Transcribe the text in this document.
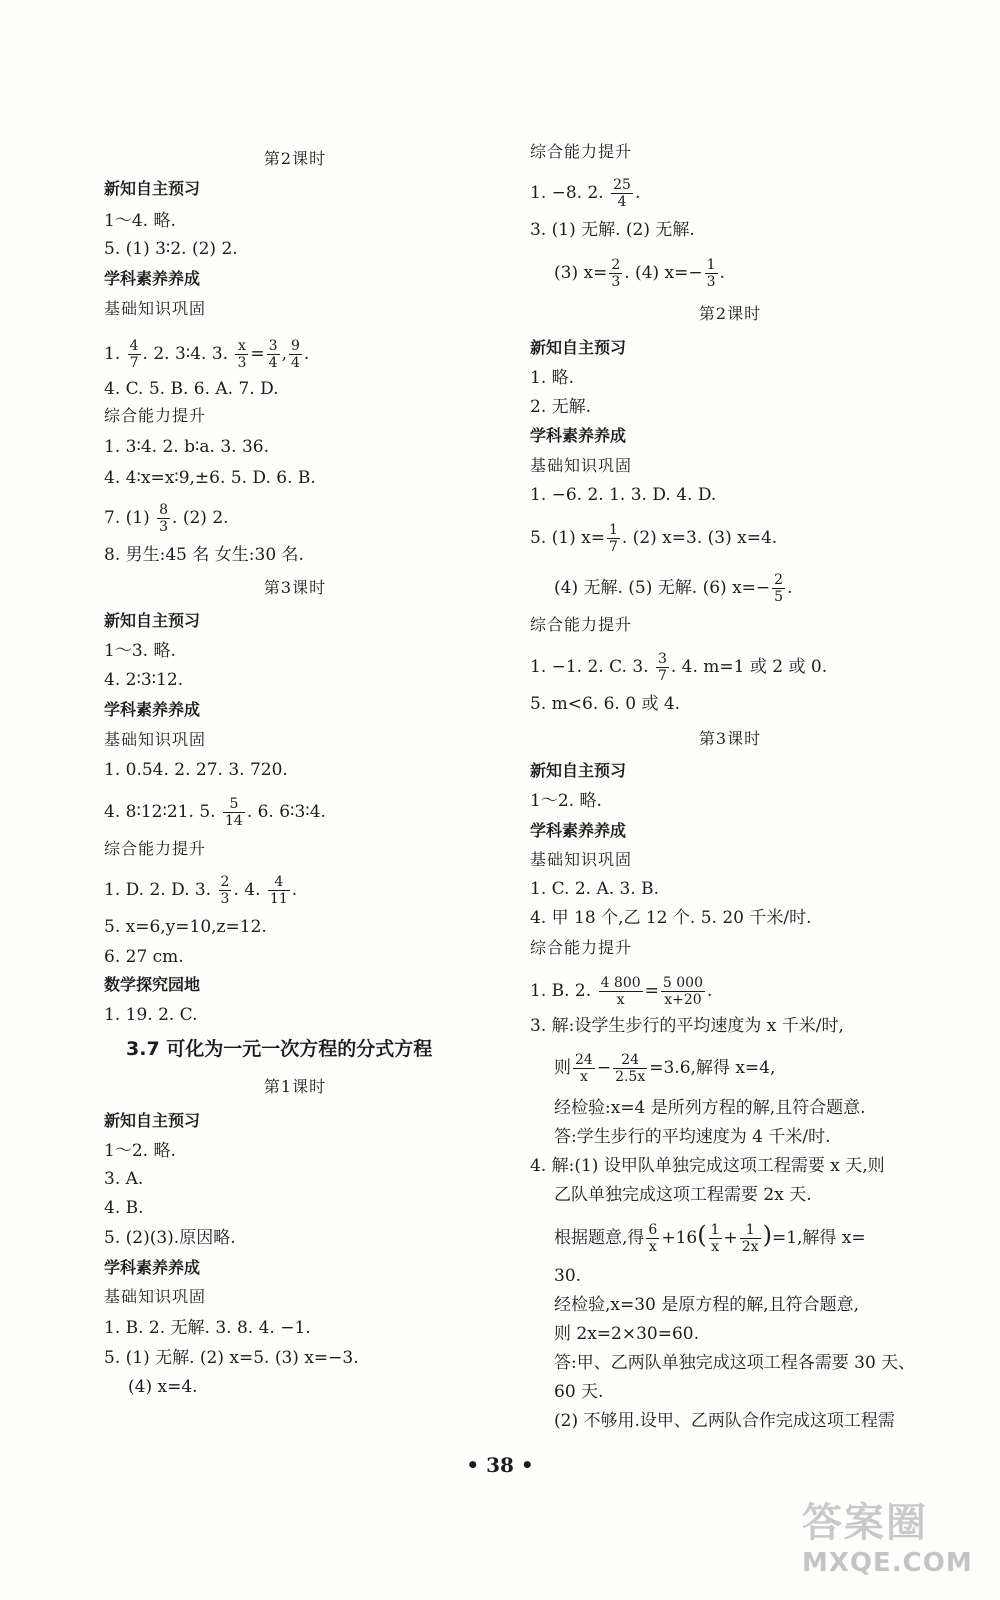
第2课时
新知自主预习
1～4. 略.
5. (1) 3∶2. (2) 2.
学科素养养成
基础知识巩固
1. $\frac{4}{7}$ . 2. 3∶4. 3. $\frac{x}{3} = \frac{3}{4}$ , $\frac{9}{4}$ .
4. C. 5. B. 6. A. 7. D.
综合能力提升
1. 3∶4. 2. b∶a. 3. 36.
4. 4∶x=x∶9,±6. 5. D. 6. B.
7. $(1) \frac{8}{3}$ . (2) 2.
8. 男生:45 名 女生:30 名.
第3课时
新知自主预习
1～3. 略.
4. 2∶3∶12.
学科素养养成
基础知识巩固
1. 0.54. 2. 27. 3. 720.
4. 8∶12∶21. 5. $\frac{5}{14}$ . 6. 6∶3∶4.
综合能力提升
1. D. 2. D. 3. $\frac{2}{3}$ . 4. $\frac{4}{11}$ .
5. x=6,y=10,z=12.
6. 27 cm.
数学探究园地
1. 19. 2. C.
3.7 可化为一元一次方程的分式方程
第1课时
新知自主预习
1～2. 略.
3. A.
4. B.
5. (2)(3).原因略.
学科素养养成
基础知识巩固
1. B. 2. 无解. 3. 8. 4. −1.
5. (1) 无解. (2) x=5. (3) x=−3.
(4) x=4.
综合能力提升
1. −8. 2. $\frac{25}{4}$ .
3. (1) 无解. (2) 无解.
(3) $x= \frac{2}{3}$ . (4) $x=- \frac{1}{3}$ .
第2课时
新知自主预习
1. 略.
2. 无解.
学科素养养成
基础知识巩固
1. −6. 2. 1. 3. D. 4. D.
5. (1) $x= \frac{1}{7}$ . (2) x=3. (3) x=4.
(4) 无解. (5) 无解. (6) $x=- \frac{2}{5}$ .
综合能力提升
1. −1. 2. C. 3. $\frac{3}{7}$ . 4. m=1 或 2 或 0.
5. m<6. 6. 0 或 4.
第3课时
新知自主预习
1～2. 略.
学科素养养成
基础知识巩固
1. C. 2. A. 3. B.
4. 甲 18 个,乙 12 个. 5. 20 千米/时.
综合能力提升
1. B. 2. $\frac{4 800}{x} = \frac{5 000}{x+20}$ .
3. 解:设学生步行的平均速度为 x 千米/时,
则 $\frac{24}{x} - \frac{24}{2.5x} =3.6$,解得 x=4,
经检验:x=4 是所列方程的解,且符合题意.
答:学生步行的平均速度为 4 千米/时.
4. 解:(1) 设甲队单独完成这项工程需要 x 天,则
乙队单独完成这项工程需要 2x 天.
根据题意,得 $\frac{6}{x} +16( \frac{1}{x} + \frac{1}{2x} )=1$,解得 x=
30.
经检验,x=30 是原方程的解,且符合题意,
则 2x=2×30=60.
答:甲、乙两队单独完成这项工程各需要 30 天、
60 天.
(2) 不够用.设甲、乙两队合作完成这项工程需
• 38 •
答案圈
MXQE.COM
